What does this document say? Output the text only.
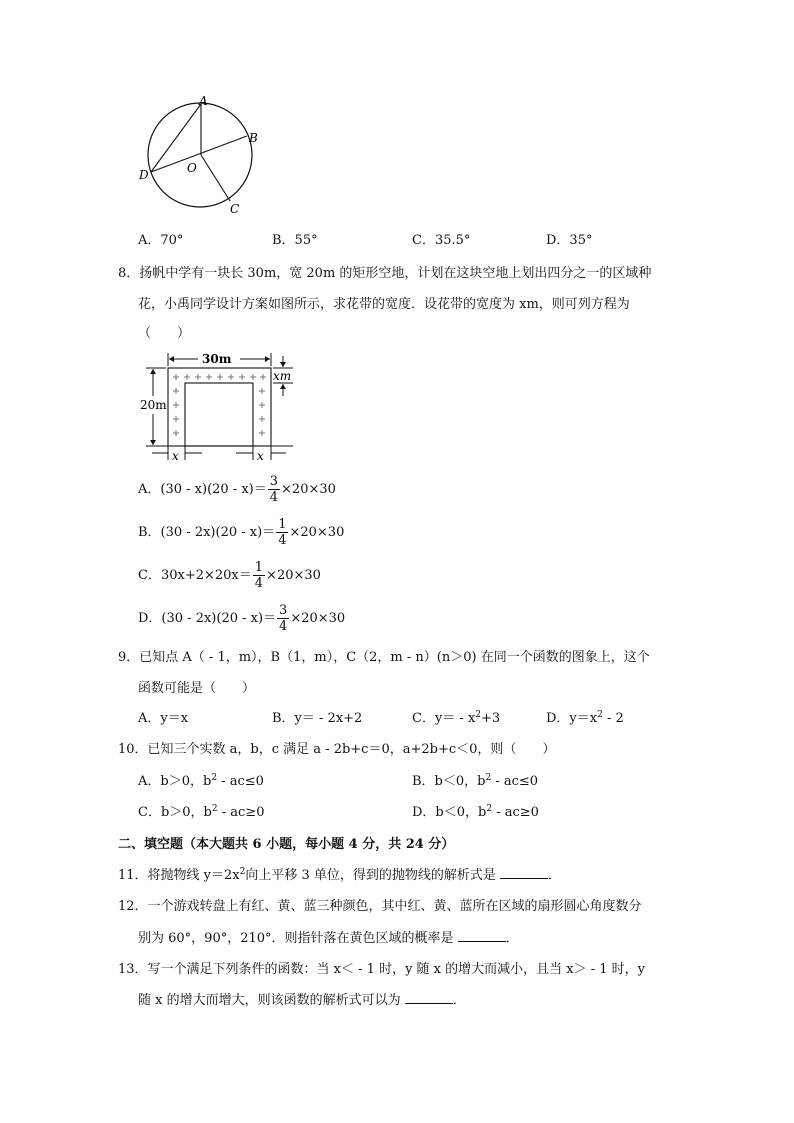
A
B
C
D	O
A．70°	B．55°	C．35.5°	D．35°
8．扬帆中学有一块长 30m，宽 20m 的矩形空地，计划在这块空地上划出四分之一的区域种
花，小禹同学设计方案如图所示，求花带的宽度．设花带的宽度为 xm，则可列方程为
（　　）
30m
20m
xm
x	x
A．$(30 - x)(20 - x)= \frac{3}{4} \times 20\times 30$
B．$(30 - 2x)(20 - x)= \frac{1}{4} \times 20\times 30$
C．$30x+2\times 20x= \frac{1}{4} \times 20\times 30$
D．$(30 - 2x)(20 - x)= \frac{3}{4} \times 20\times 30$
9．已知点 A（ - 1，m），B（1，m），C（2，m - n）(n＞0) 在同一个函数的图象上，这个
函数可能是（　　）
A．y＝x	B．y＝ - 2x+2	C．$y= - x^2+3$	D．$y=x^2 - 2$
10．已知三个实数 a，b，c 满足 a - 2b+c＝0，a+2b+c＜0，则（　　）
A．b＞0，$b^2 - ac\le 0$	B．b＜0，$b^2 - ac\le 0$
C．b＞0，$b^2 - ac\ge 0$	D．b＜0，$b^2 - ac\ge 0$
二、填空题（本大题共 6 小题，每小题 4 分，共 24 分）
11．将抛物线 $y=2x^2$向上平移 3 单位，得到的抛物线的解析式是	．
12．一个游戏转盘上有红、黄、蓝三种颜色，其中红、黄、蓝所在区域的扇形圆心角度数分
别为 60°，90°，210°．则指针落在黄色区域的概率是	．
13．写一个满足下列条件的函数：当 x＜ - 1 时，y 随 x 的增大而减小，且当 x＞ - 1 时，y
随 x 的增大而增大，则该函数的解析式可以为	．
